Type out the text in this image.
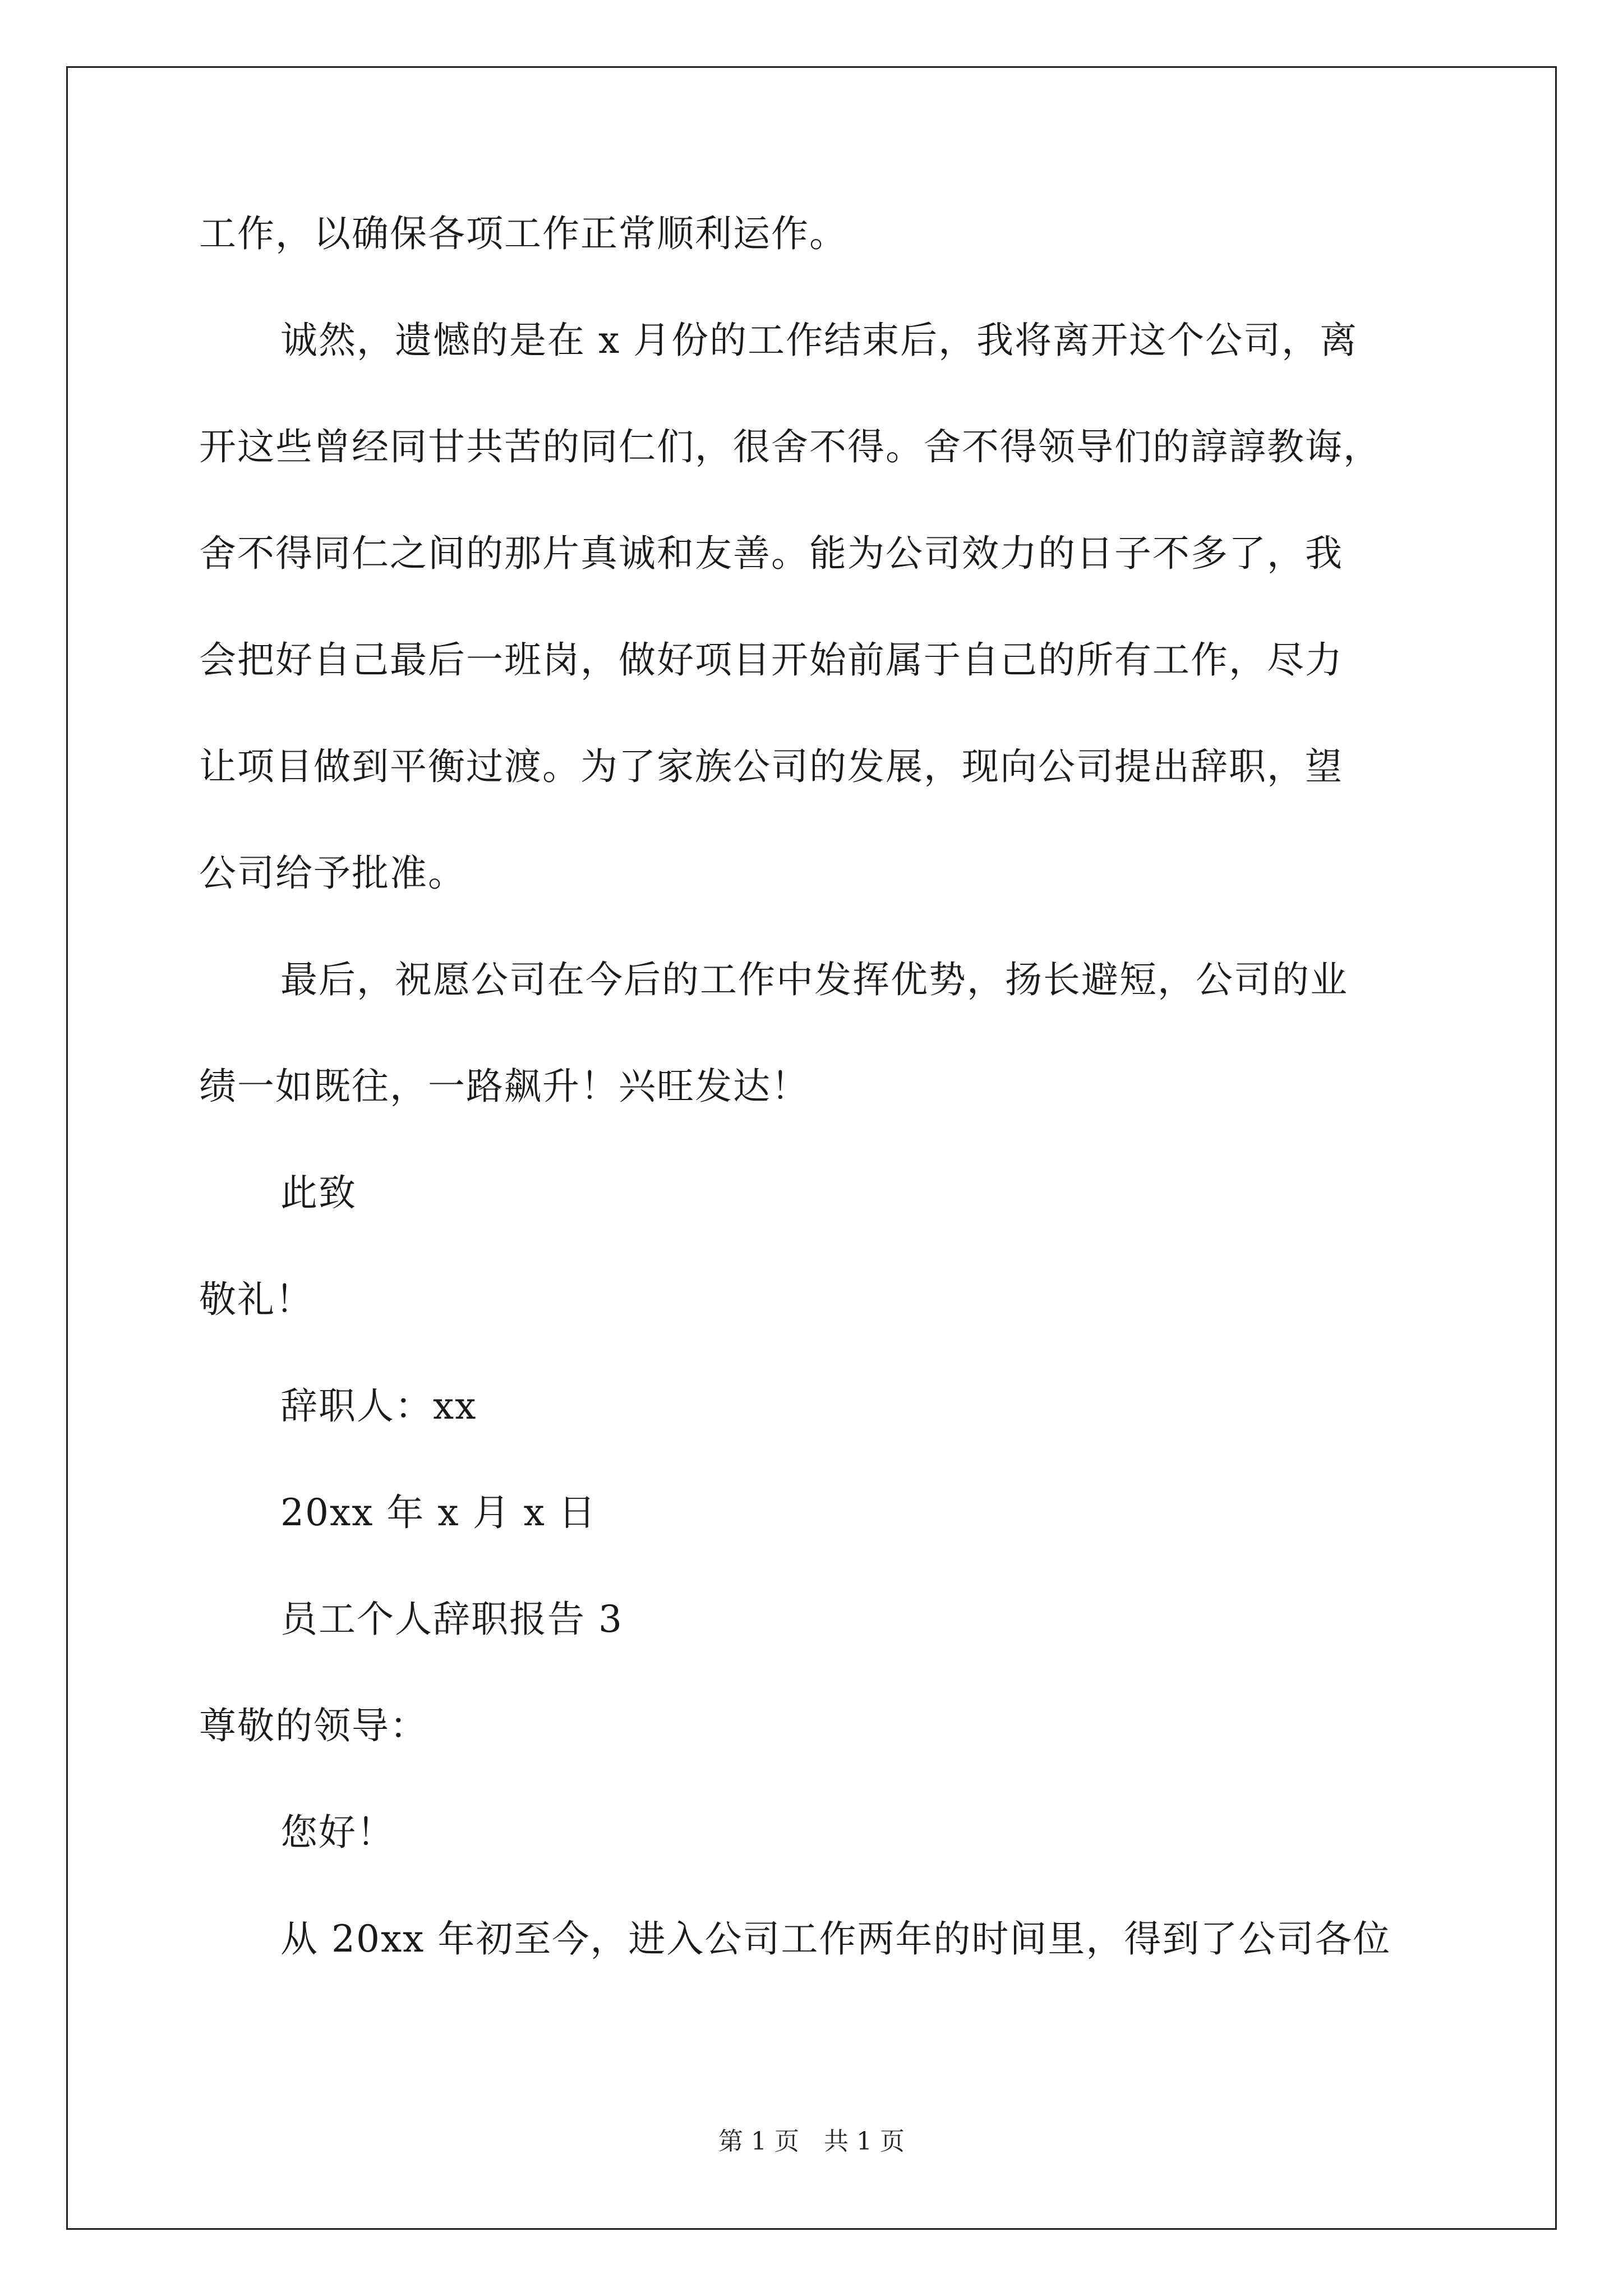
工作，以确保各项工作正常顺利运作。
诚然，遗憾的是在 x 月份的工作结束后，我将离开这个公司，离
开这些曾经同甘共苦的同仁们，很舍不得。舍不得领导们的諄諄教诲，
舍不得同仁之间的那片真诚和友善。能为公司效力的日子不多了，我
会把好自己最后一班岗，做好项目开始前属于自己的所有工作，尽力
让项目做到平衡过渡。为了家族公司的发展，现向公司提出辞职，望
公司给予批准。
最后，祝愿公司在今后的工作中发挥优势，扬长避短，公司的业
绩一如既往，一路飙升！兴旺发达！
此致
敬礼！
辞职人：xx
20xx 年 x 月 x 日
员工个人辞职报告 3
尊敬的领导：
您好！
从 20xx 年初至今，进入公司工作两年的时间里，得到了公司各位
第 1 页　共 1 页
